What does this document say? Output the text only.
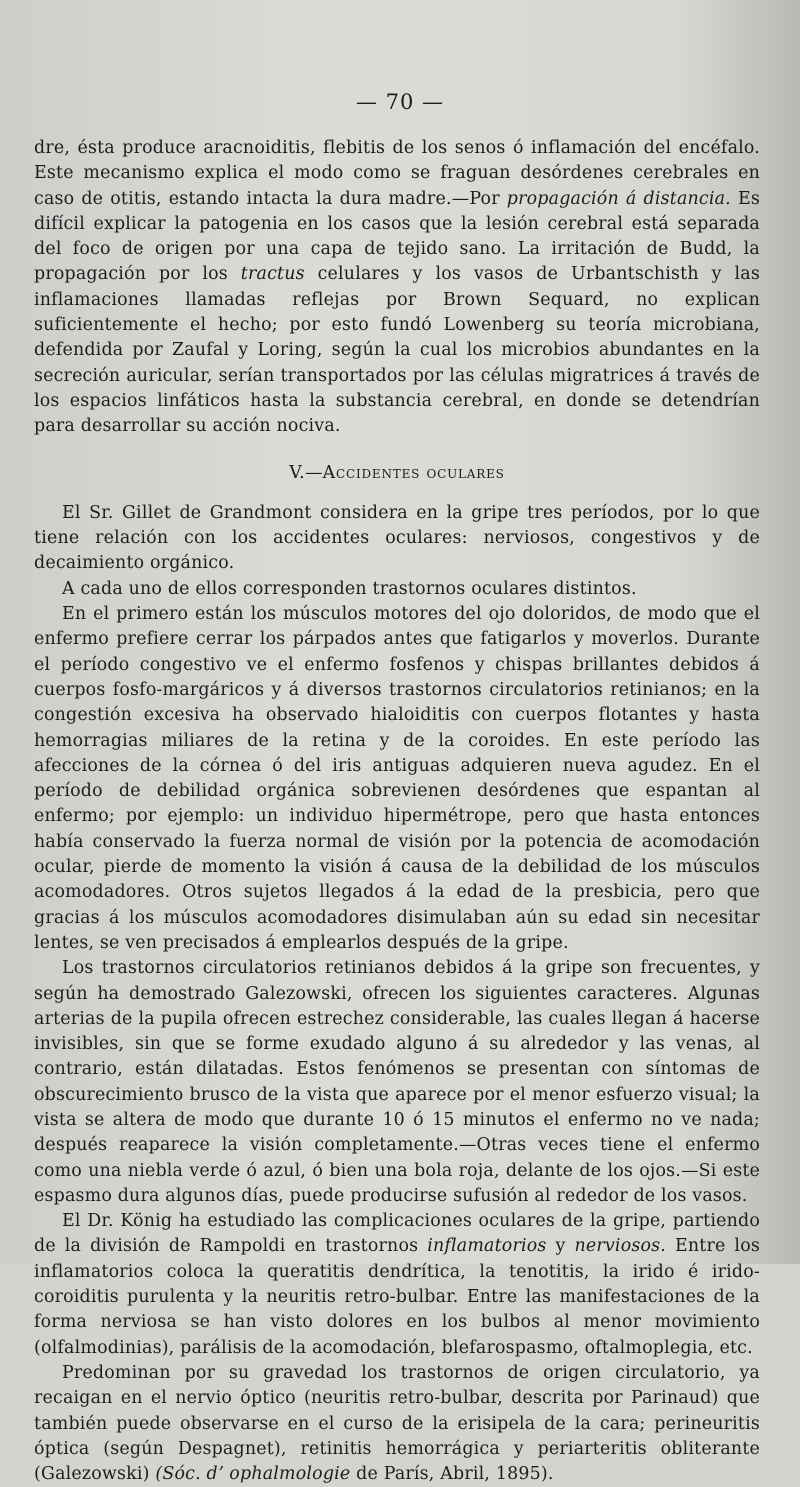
— 70 —

dre, ésta produce aracnoiditis, flebitis de los senos ó inflamación del encéfalo. Este mecanismo explica el modo como se fraguan desórdenes cerebrales en caso de otitis, estando intacta la dura madre.—Por propagación á distancia. Es difícil explicar la patogenia en los casos que la lesión cerebral está separada del foco de origen por una capa de tejido sano. La irritación de Budd, la propagación por los tractus celulares y los vasos de Urbantschisth y las inflamaciones llamadas reflejas por Brown Sequard, no explican suficientemente el hecho; por esto fundó Lowenberg su teoría microbiana, defendida por Zaufal y Loring, según la cual los microbios abundantes en la secreción auricular, serían transportados por las células migratrices á través de los espacios linfáticos hasta la substancia cerebral, en donde se detendrían para desarrollar su acción nociva.

V.—Accidentes oculares

El Sr. Gillet de Grandmont considera en la gripe tres períodos, por lo que tiene relación con los accidentes oculares: nerviosos, congestivos y de decaimiento orgánico.

A cada uno de ellos corresponden trastornos oculares distintos.

En el primero están los músculos motores del ojo doloridos, de modo que el enfermo prefiere cerrar los párpados antes que fatigarlos y moverlos. Durante el período congestivo ve el enfermo fosfenos y chispas brillantes debidos á cuerpos fosfo-margáricos y á diversos trastornos circulatorios retinianos; en la congestión excesiva ha observado hialoiditis con cuerpos flotantes y hasta hemorragias miliares de la retina y de la coroides. En este período las afecciones de la córnea ó del iris antiguas adquieren nueva agudez. En el período de debilidad orgánica sobrevienen desórdenes que espantan al enfermo; por ejemplo: un individuo hipermétrope, pero que hasta entonces había conservado la fuerza normal de visión por la potencia de acomodación ocular, pierde de momento la visión á causa de la debilidad de los músculos acomodadores. Otros sujetos llegados á la edad de la presbicia, pero que gracias á los músculos acomodadores disimulaban aún su edad sin necesitar lentes, se ven precisados á emplearlos después de la gripe.

Los trastornos circulatorios retinianos debidos á la gripe son frecuentes, y según ha demostrado Galezowski, ofrecen los siguientes caracteres. Algunas arterias de la pupila ofrecen estrechez considerable, las cuales llegan á hacerse invisibles, sin que se forme exudado alguno á su alrededor y las venas, al contrario, están dilatadas. Estos fenómenos se presentan con síntomas de obscurecimiento brusco de la vista que aparece por el menor esfuerzo visual; la vista se altera de modo que durante 10 ó 15 minutos el enfermo no ve nada; después reaparece la visión completamente.—Otras veces tiene el enfermo como una niebla verde ó azul, ó bien una bola roja, delante de los ojos.—Si este espasmo dura algunos días, puede producirse sufusión al rededor de los vasos.

El Dr. König ha estudiado las complicaciones oculares de la gripe, partiendo de la división de Rampoldi en trastornos inflamatorios y nerviosos. Entre los inflamatorios coloca la queratitis dendrítica, la tenotitis, la irido é irido-coroiditis purulenta y la neuritis retro-bulbar. Entre las manifestaciones de la forma nerviosa se han visto dolores en los bulbos al menor movimiento (olfalmodinias), parálisis de la acomodación, blefarospasmo, oftalmoplegia, etc.

Predominan por su gravedad los trastornos de origen circulatorio, ya recaigan en el nervio óptico (neuritis retro-bulbar, descrita por Parinaud) que también puede observarse en el curso de la erisipela de la cara; perineuritis óptica (según Despagnet), retinitis hemorrágica y periarteritis obliterante (Galezowski) (Sóc. dʼ ophalmologie de París, Abril, 1895).
